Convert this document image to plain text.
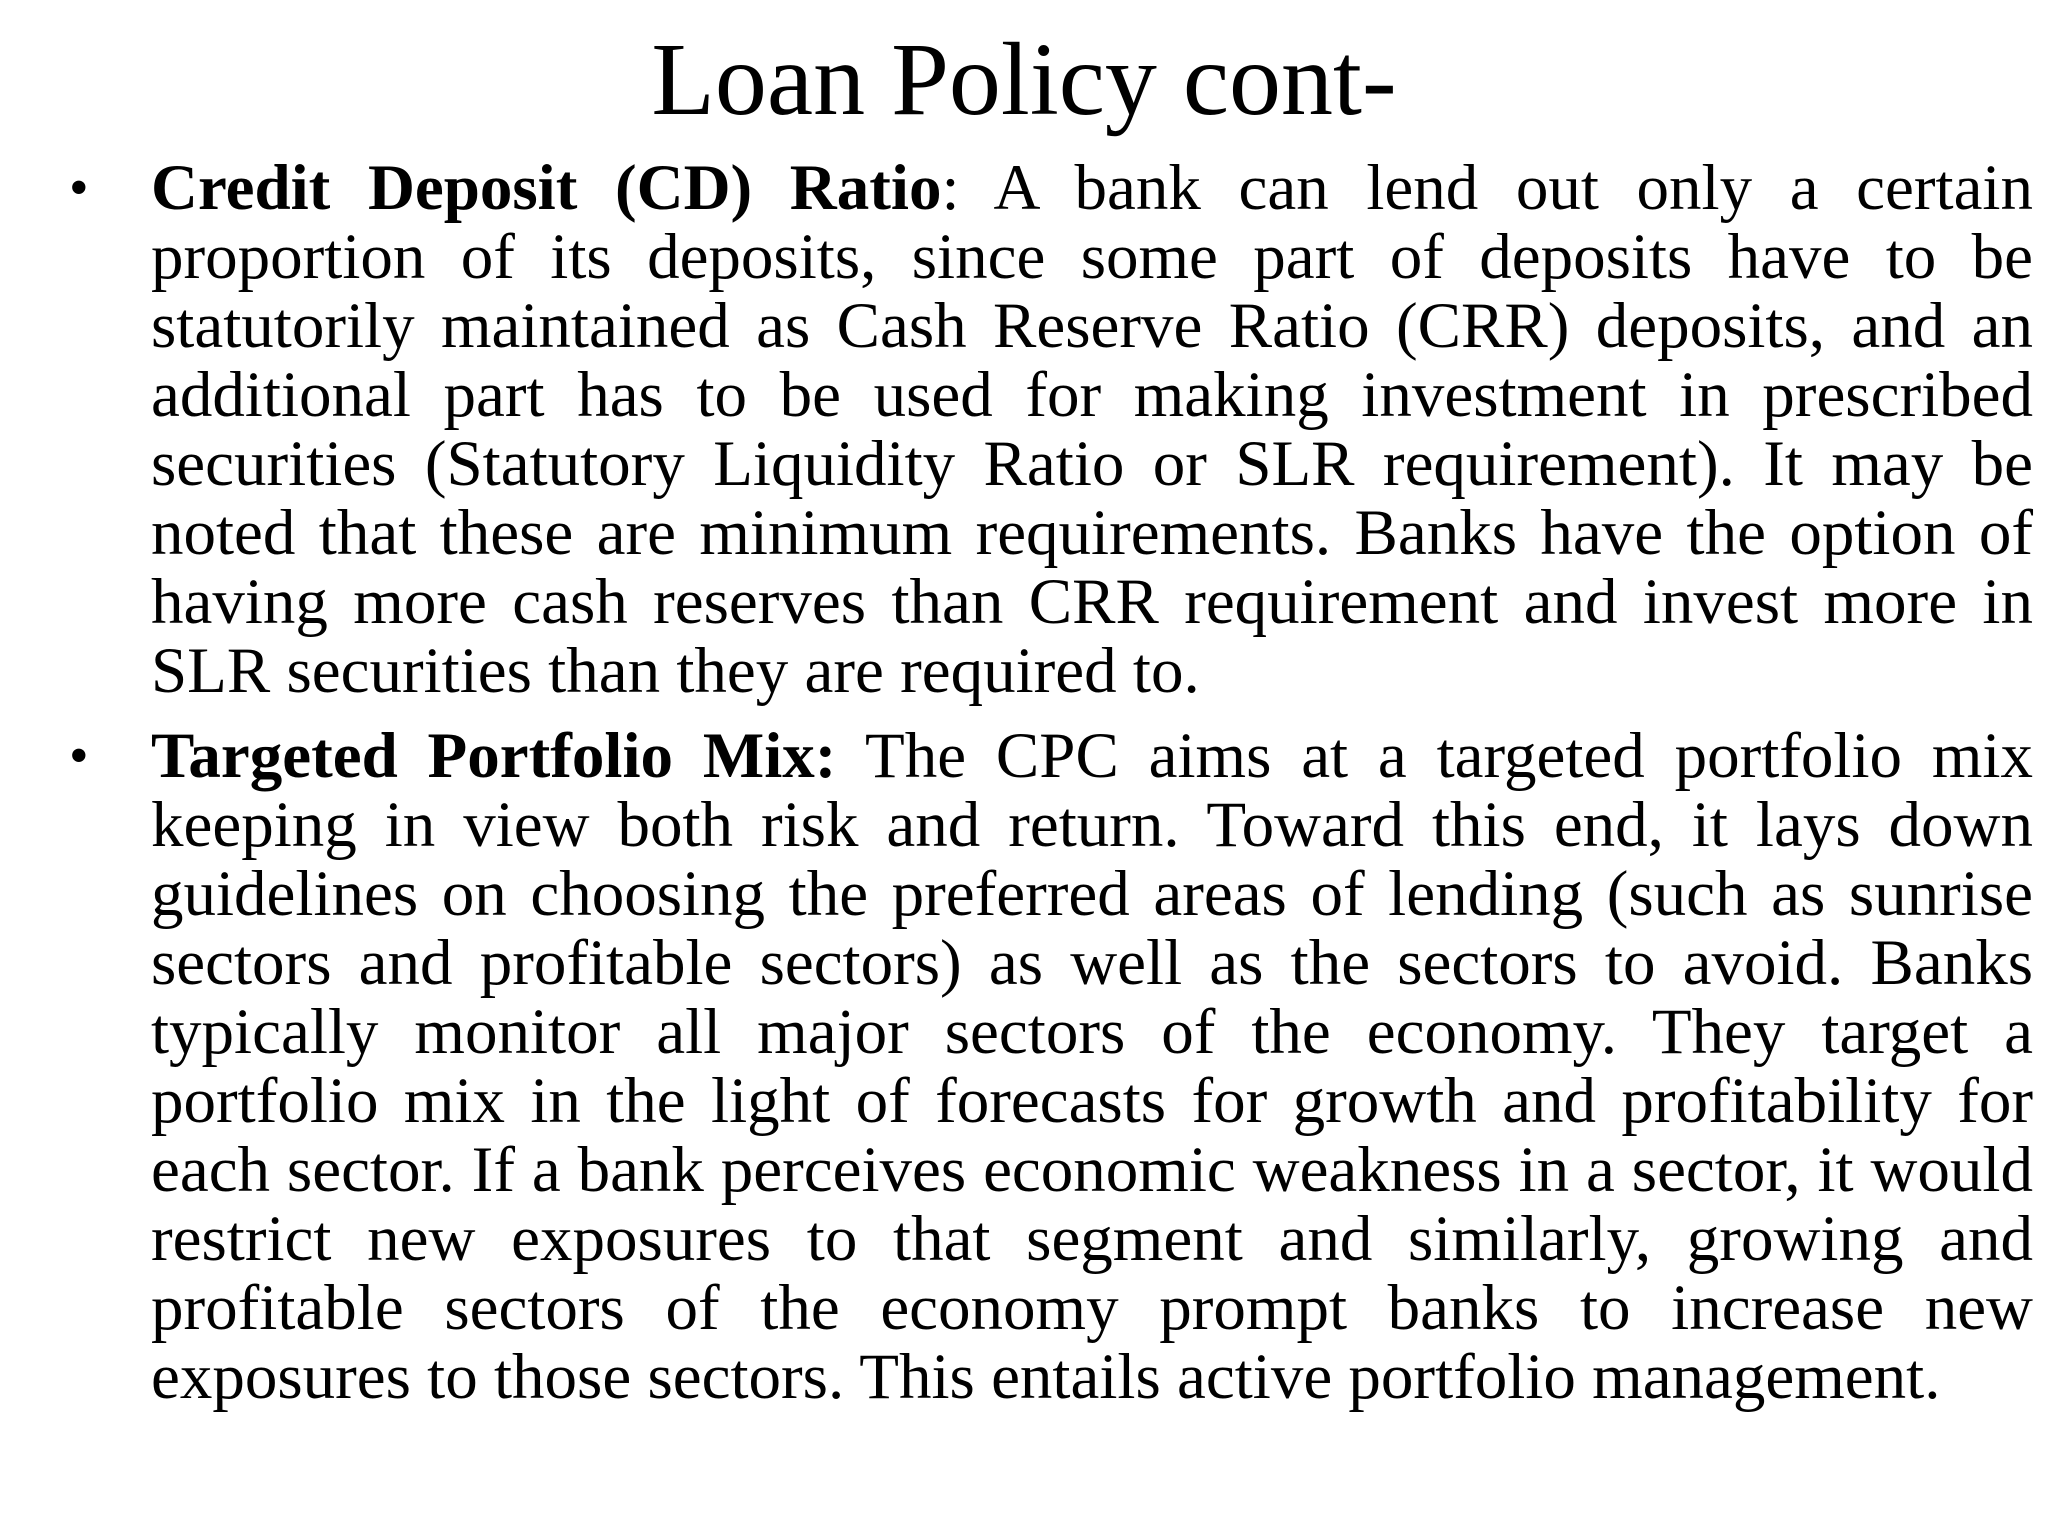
Loan Policy cont-
• Credit Deposit (CD) Ratio: A bank can lend out only a certain proportion of its deposits, since some part of deposits have to be statutorily maintained as Cash Reserve Ratio (CRR) deposits, and an additional part has to be used for making investment in prescribed securities (Statutory Liquidity Ratio or SLR requirement). It may be noted that these are minimum requirements. Banks have the option of having more cash reserves than CRR requirement and invest more in SLR securities than they are required to.
• Targeted Portfolio Mix: The CPC aims at a targeted portfolio mix keeping in view both risk and return. Toward this end, it lays down guidelines on choosing the preferred areas of lending (such as sunrise sectors and profitable sectors) as well as the sectors to avoid. Banks typically monitor all major sectors of the economy. They target a portfolio mix in the light of forecasts for growth and profitability for each sector. If a bank perceives economic weakness in a sector, it would restrict new exposures to that segment and similarly, growing and profitable sectors of the economy prompt banks to increase new exposures to those sectors. This entails active portfolio management.
